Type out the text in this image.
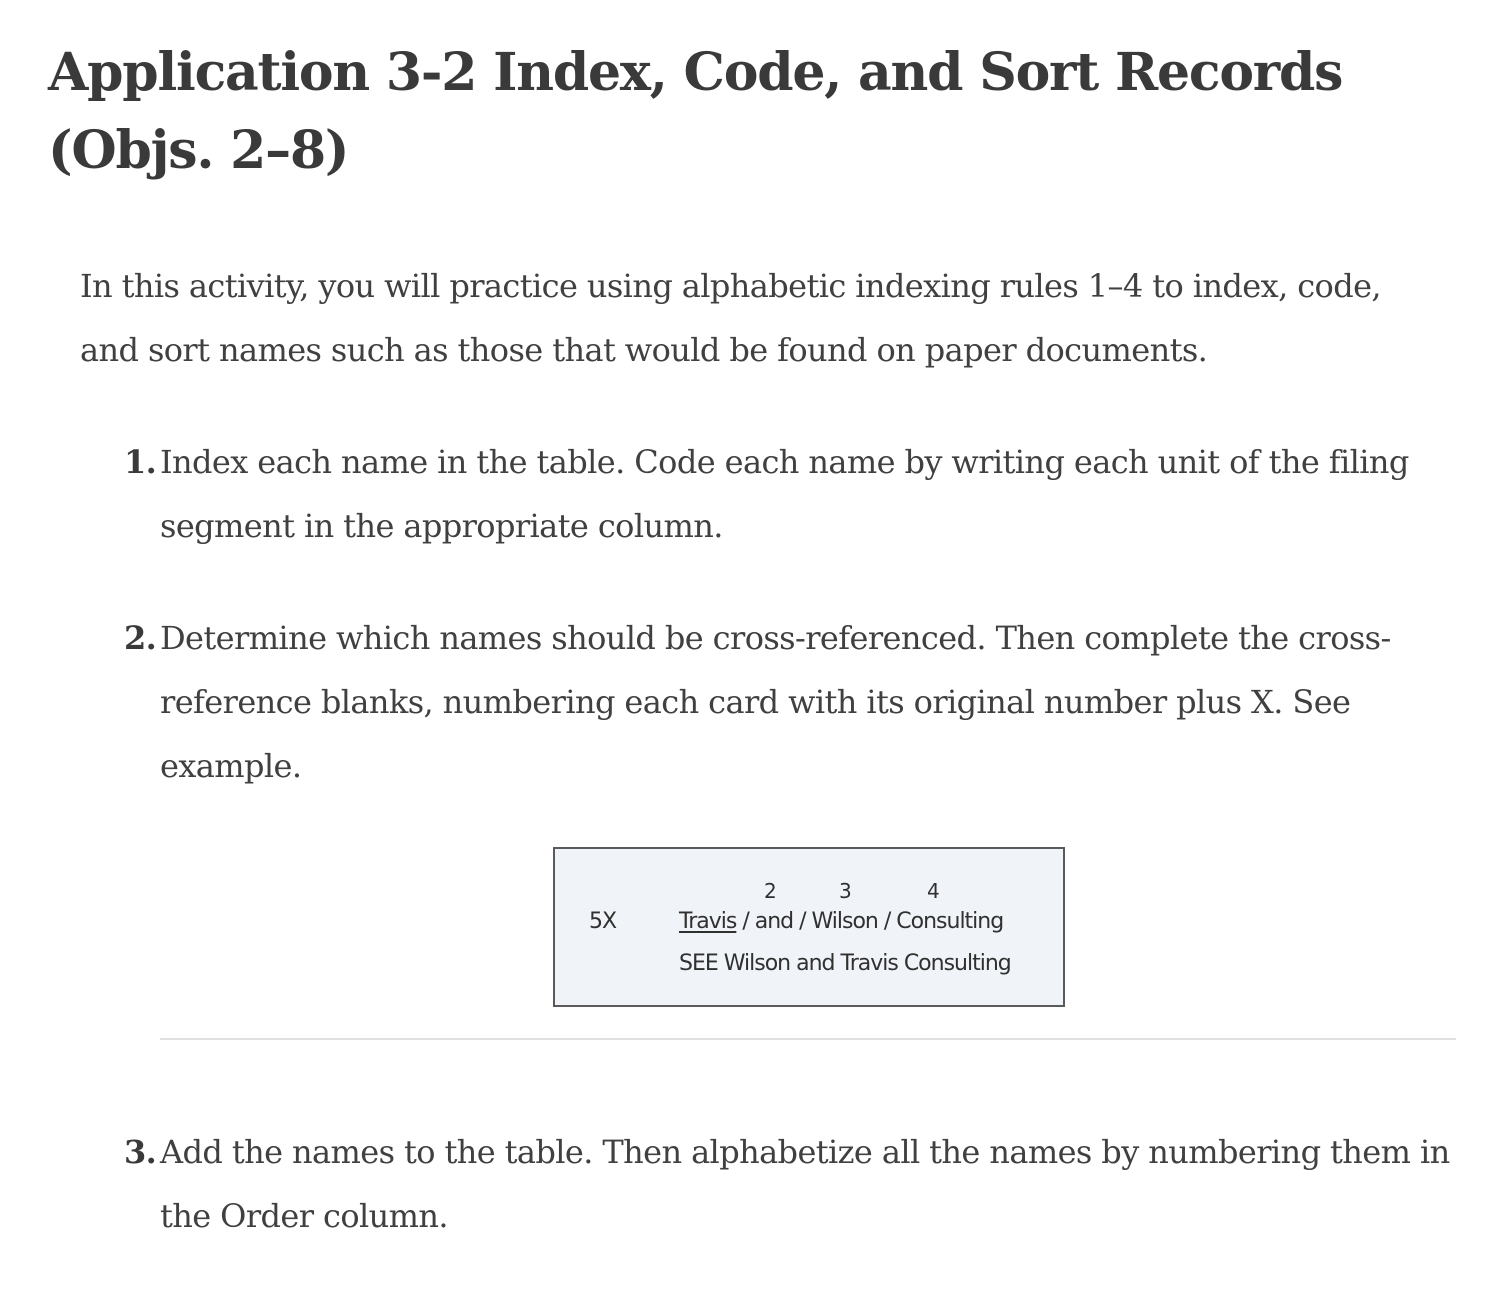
Application 3-2 Index, Code, and Sort Records (Objs. 2–8)

In this activity, you will practice using alphabetic indexing rules 1–4 to index, code, and sort names such as those that would be found on paper documents.

1. Index each name in the table. Code each name by writing each unit of the filing segment in the appropriate column.
2. Determine which names should be cross-referenced. Then complete the cross-reference blanks, numbering each card with its original number plus X. See example.
5X
2	3	4
Travis / and / Wilson / Consulting
SEE Wilson and Travis Consulting
3. Add the names to the table. Then alphabetize all the names by numbering them in the Order column.
